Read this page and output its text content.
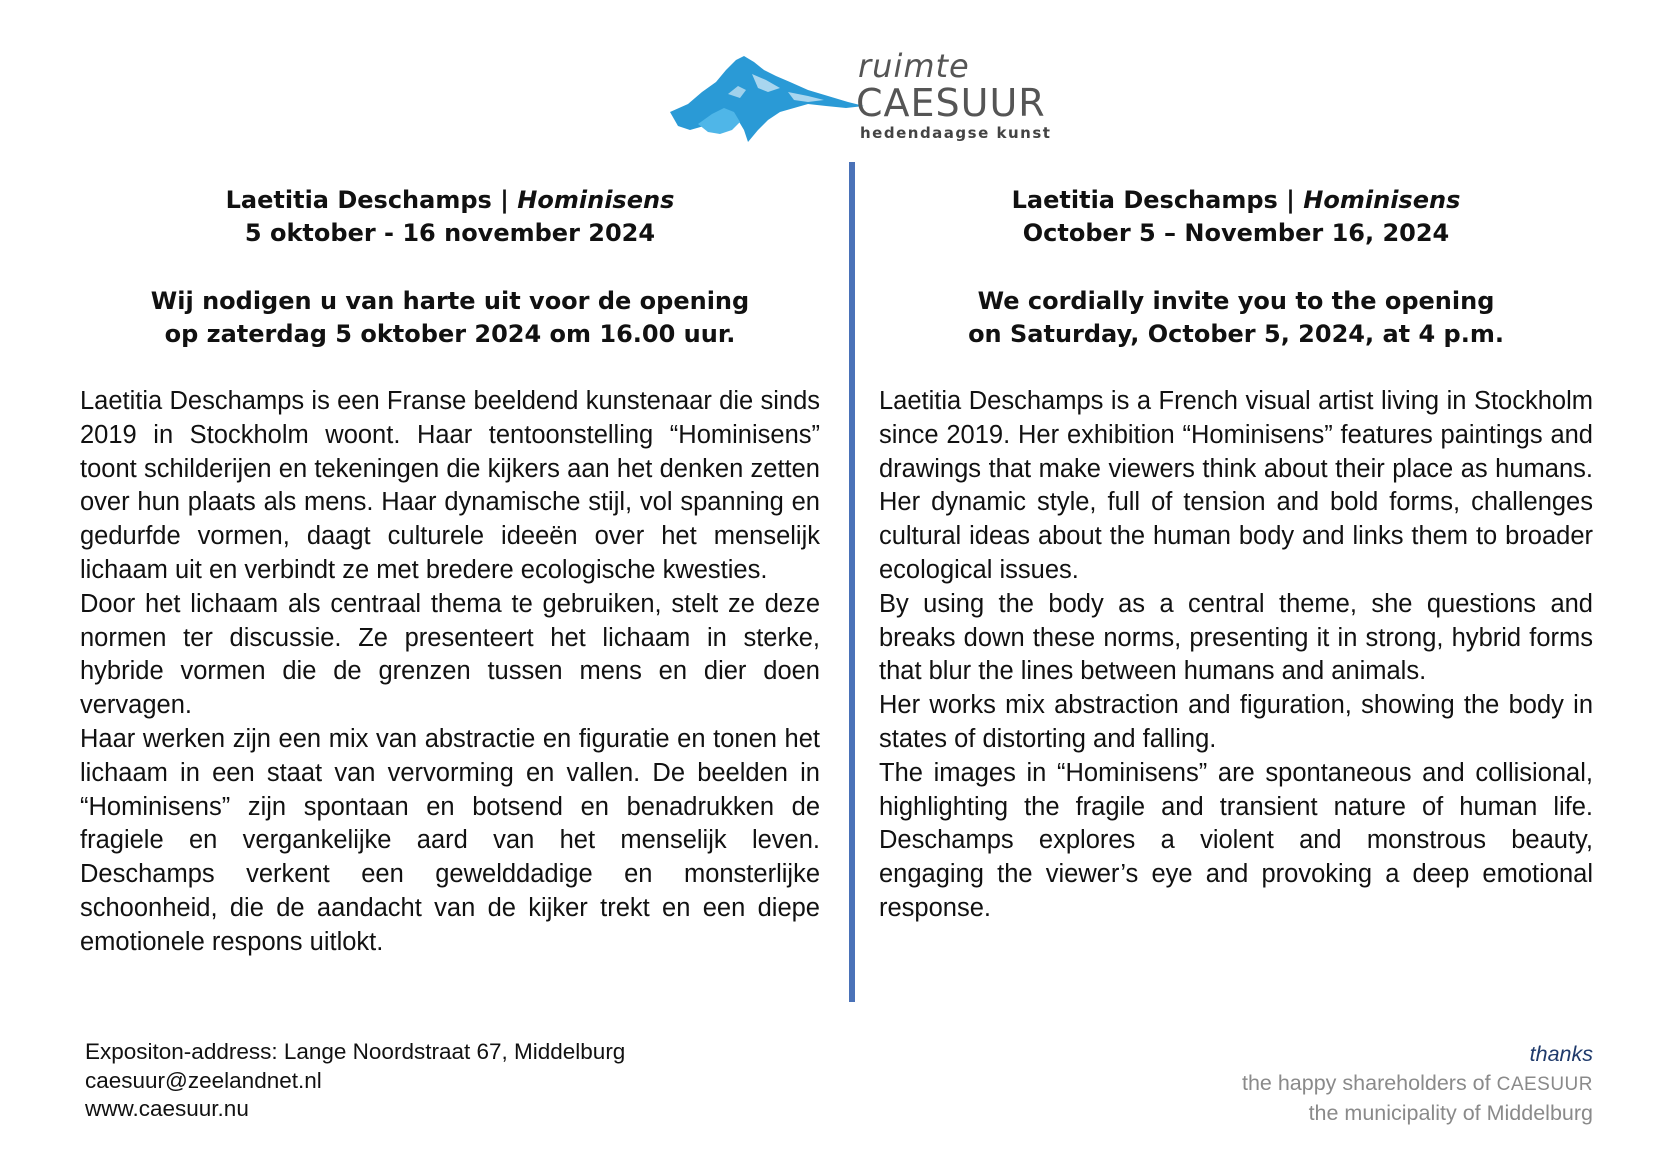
ruimte
CAESUUR
hedendaagse kunst
Laetitia Deschamps | Hominisens
5 oktober - 16 november 2024
Wij nodigen u van harte uit voor de opening
op zaterdag 5 oktober 2024 om 16.00 uur.

Laetitia Deschamps is een Franse beeldend kunstenaar die sinds 2019 in Stockholm woont. Haar tentoonstelling “Hominisens” toont schilderijen en tekeningen die kijkers aan het denken zetten over hun plaats als mens. Haar dynamische stijl, vol spanning en gedurfde vormen, daagt culturele ideeën over het menselijk lichaam uit en verbindt ze met bredere ecologische kwesties.

Door het lichaam als centraal thema te gebruiken, stelt ze deze normen ter discussie. Ze presenteert het lichaam in sterke, hybride vormen die de grenzen tussen mens en dier doen vervagen.

Haar werken zijn een mix van abstractie en figuratie en tonen het lichaam in een staat van vervorming en vallen. De beelden in “Hominisens” zijn spontaan en botsend en benadrukken de fragiele en vergankelijke aard van het menselijk leven. Deschamps verkent een gewelddadige en monsterlijke schoonheid, die de aandacht van de kijker trekt en een diepe emotionele respons uitlokt.

Laetitia Deschamps | Hominisens
October 5 – November 16, 2024
We cordially invite you to the opening
on Saturday, October 5, 2024, at 4 p.m.

Laetitia Deschamps is a French visual artist living in Stockholm since 2019. Her exhibition “Hominisens” features paintings and drawings that make viewers think about their place as humans. Her dynamic style, full of tension and bold forms, challenges cultural ideas about the human body and links them to broader ecological issues.

By using the body as a central theme, she questions and breaks down these norms, presenting it in strong, hybrid forms that blur the lines between humans and animals.

Her works mix abstraction and figuration, showing the body in states of distorting and falling.

The images in “Hominisens” are spontaneous and collisional, highlighting the fragile and transient nature of human life. Deschamps explores a violent and monstrous beauty, engaging the viewer’s eye and provoking a deep emotional response.

Expositon-address: Lange Noordstraat 67, Middelburg
caesuur@zeelandnet.nl
www.caesuur.nu
thanks
the happy shareholders of CAESUUR
the municipality of Middelburg
